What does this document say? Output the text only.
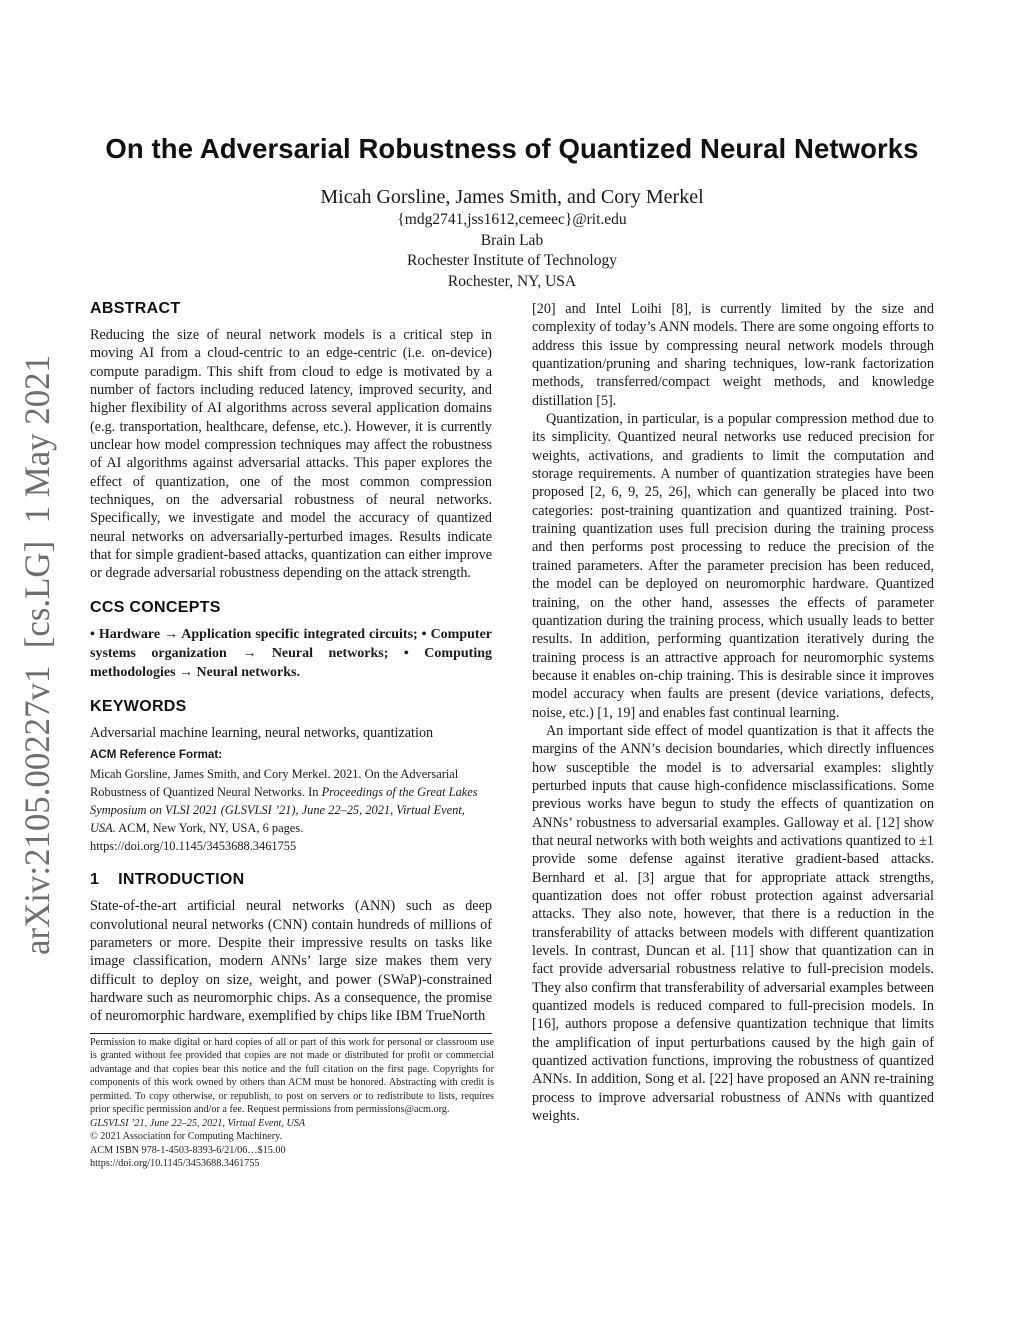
arXiv:2105.00227v1  [cs.LG]  1 May 2021
On the Adversarial Robustness of Quantized Neural Networks
Micah Gorsline, James Smith, and Cory Merkel
{mdg2741,jss1612,cemeec}@rit.edu
Brain Lab
Rochester Institute of Technology
Rochester, NY, USA
ABSTRACT

Reducing the size of neural network models is a critical step in moving AI from a cloud-centric to an edge-centric (i.e. on-device) compute paradigm. This shift from cloud to edge is motivated by a number of factors including reduced latency, improved security, and higher flexibility of AI algorithms across several application domains (e.g. transportation, healthcare, defense, etc.). However, it is currently unclear how model compression techniques may affect the robustness of AI algorithms against adversarial attacks. This paper explores the effect of quantization, one of the most common compression techniques, on the adversarial robustness of neural networks. Specifically, we investigate and model the accuracy of quantized neural networks on adversarially-perturbed images. Results indicate that for simple gradient-based attacks, quantization can either improve or degrade adversarial robustness depending on the attack strength.

CCS CONCEPTS

• Hardware → Application specific integrated circuits; • Computer systems organization → Neural networks; • Computing methodologies → Neural networks.

KEYWORDS

Adversarial machine learning, neural networks, quantization

ACM Reference Format:

Micah Gorsline, James Smith, and Cory Merkel. 2021. On the Adversarial Robustness of Quantized Neural Networks. In Proceedings of the Great Lakes Symposium on VLSI 2021 (GLSVLSI ’21), June 22–25, 2021, Virtual Event, USA. ACM, New York, NY, USA, 6 pages. https://doi.org/10.1145/3453688.3461755

1    INTRODUCTION

State-of-the-art artificial neural networks (ANN) such as deep convolutional neural networks (CNN) contain hundreds of millions of parameters or more. Despite their impressive results on tasks like image classification, modern ANNs’ large size makes them very difficult to deploy on size, weight, and power (SWaP)-constrained hardware such as neuromorphic chips. As a consequence, the promise of neuromorphic hardware, exemplified by chips like IBM TrueNorth

Permission to make digital or hard copies of all or part of this work for personal or classroom use is granted without fee provided that copies are not made or distributed for profit or commercial advantage and that copies bear this notice and the full citation on the first page. Copyrights for components of this work owned by others than ACM must be honored. Abstracting with credit is permitted. To copy otherwise, or republish, to post on servers or to redistribute to lists, requires prior specific permission and/or a fee. Request permissions from permissions@acm.org.

GLSVLSI ’21, June 22–25, 2021, Virtual Event, USA

© 2021 Association for Computing Machinery.

ACM ISBN 978-1-4503-8393-6/21/06…$15.00

https://doi.org/10.1145/3453688.3461755

[20] and Intel Loihi [8], is currently limited by the size and complexity of today’s ANN models. There are some ongoing efforts to address this issue by compressing neural network models through quantization/pruning and sharing techniques, low-rank factorization methods, transferred/compact weight methods, and knowledge distillation [5].

Quantization, in particular, is a popular compression method due to its simplicity. Quantized neural networks use reduced precision for weights, activations, and gradients to limit the computation and storage requirements. A number of quantization strategies have been proposed [2, 6, 9, 25, 26], which can generally be placed into two categories: post-training quantization and quantized training. Post-training quantization uses full precision during the training process and then performs post processing to reduce the precision of the trained parameters. After the parameter precision has been reduced, the model can be deployed on neuromorphic hardware. Quantized training, on the other hand, assesses the effects of parameter quantization during the training process, which usually leads to better results. In addition, performing quantization iteratively during the training process is an attractive approach for neuromorphic systems because it enables on-chip training. This is desirable since it improves model accuracy when faults are present (device variations, defects, noise, etc.) [1, 19] and enables fast continual learning.

An important side effect of model quantization is that it affects the margins of the ANN’s decision boundaries, which directly influences how susceptible the model is to adversarial examples: slightly perturbed inputs that cause high-confidence misclassifications. Some previous works have begun to study the effects of quantization on ANNs’ robustness to adversarial examples. Galloway et al. [12] show that neural networks with both weights and activations quantized to ±1 provide some defense against iterative gradient-based attacks. Bernhard et al. [3] argue that for appropriate attack strengths, quantization does not offer robust protection against adversarial attacks. They also note, however, that there is a reduction in the transferability of attacks between models with different quantization levels. In contrast, Duncan et al. [11] show that quantization can in fact provide adversarial robustness relative to full-precision models. They also confirm that transferability of adversarial examples between quantized models is reduced compared to full-precision models. In [16], authors propose a defensive quantization technique that limits the amplification of input perturbations caused by the high gain of quantized activation functions, improving the robustness of quantized ANNs. In addition, Song et al. [22] have proposed an ANN re-training process to improve adversarial robustness of ANNs with quantized weights.
